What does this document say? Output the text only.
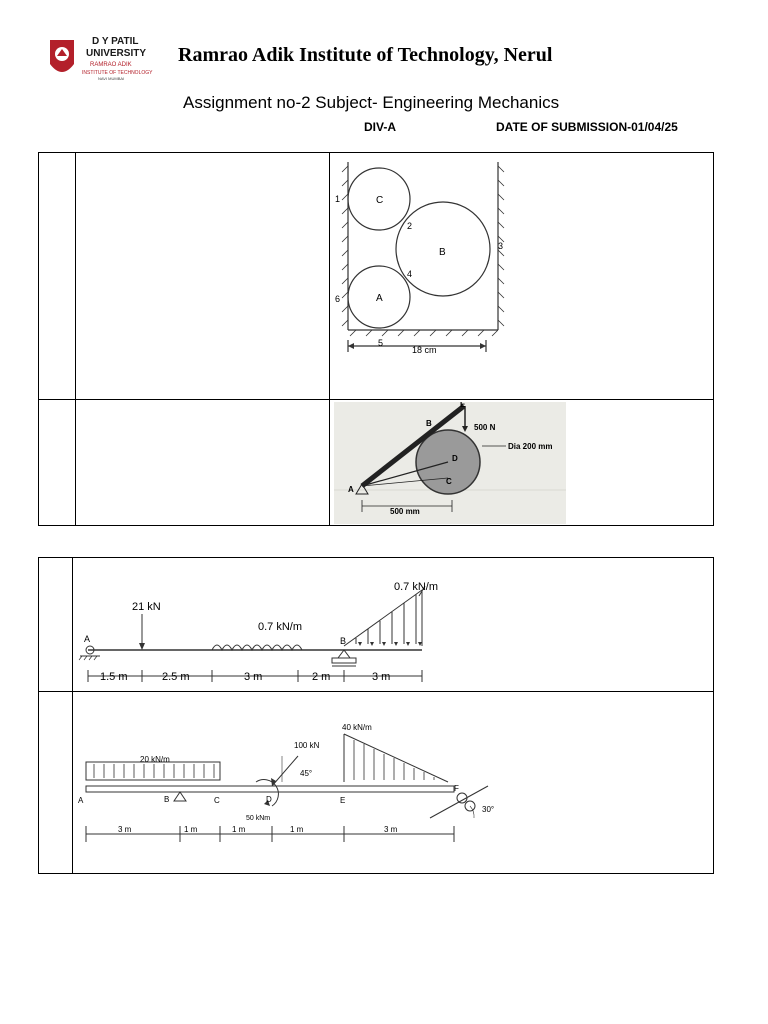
D Y PATIL
UNIVERSITY
RAMRAO ADIK
INSTITUTE OF TECHNOLOGY
NAVI MUMBAI
Ramrao Adik Institute of Technology, Nerul
Assignment no-2 Subject- Engineering Mechanics
DIV-A	DATE OF SUBMISSION-01/04/25
C
B
A
1
2
3
4
5
6
18 cm
E
B
D
C
A
500 N
Dia 200 mm
500 mm
A	B
21 kN
0.7 kN/m
0.7 kN/m
1.5 m	2.5 m	3 m	2 m	3 m
20 kN/m
40 kN/m
100 kN
45°
50 kNm
30°
A	B	C	D	E
F
3 m	1 m	1 m	1 m	3 m
